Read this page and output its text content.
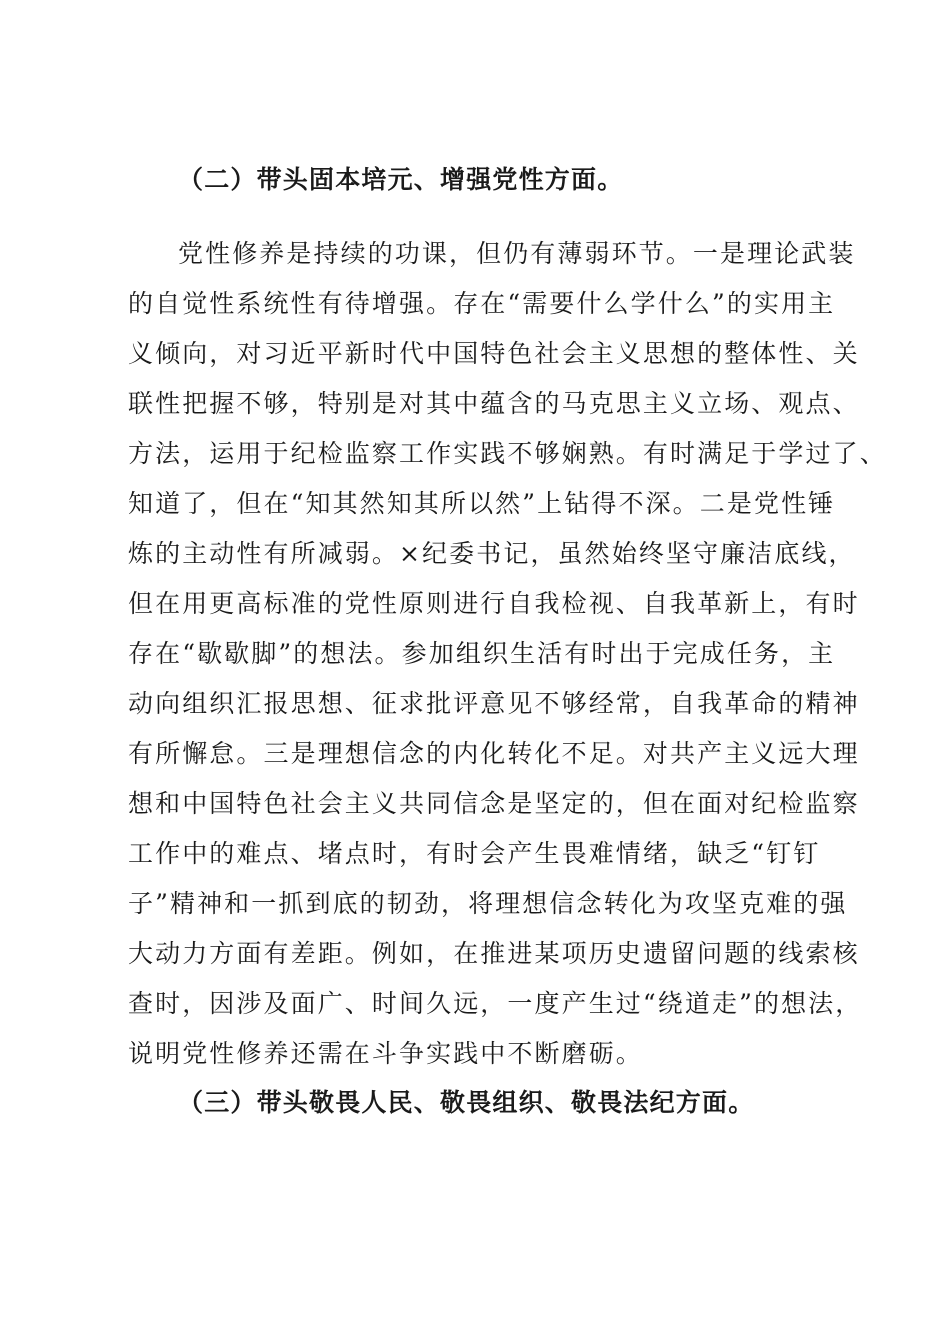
（二）带头固本培元、增强党性方面。
党性修养是持续的功课，但仍有薄弱环节。一是理论武装
的自觉性系统性有待增强。存在“需要什么学什么”的实用主
义倾向，对习近平新时代中国特色社会主义思想的整体性、关
联性把握不够，特别是对其中蕴含的马克思主义立场、观点、
方法，运用于纪检监察工作实践不够娴熟。有时满足于学过了、
知道了，但在“知其然知其所以然”上钻得不深。二是党性锤
炼的主动性有所减弱。×纪委书记，虽然始终坚守廉洁底线，
但在用更高标准的党性原则进行自我检视、自我革新上，有时
存在“歇歇脚”的想法。参加组织生活有时出于完成任务，主
动向组织汇报思想、征求批评意见不够经常，自我革命的精神
有所懈怠。三是理想信念的内化转化不足。对共产主义远大理
想和中国特色社会主义共同信念是坚定的，但在面对纪检监察
工作中的难点、堵点时，有时会产生畏难情绪，缺乏“钉钉
子”精神和一抓到底的韧劲，将理想信念转化为攻坚克难的强
大动力方面有差距。例如，在推进某项历史遗留问题的线索核
查时，因涉及面广、时间久远，一度产生过“绕道走”的想法，
说明党性修养还需在斗争实践中不断磨砺。
（三）带头敬畏人民、敬畏组织、敬畏法纪方面。
